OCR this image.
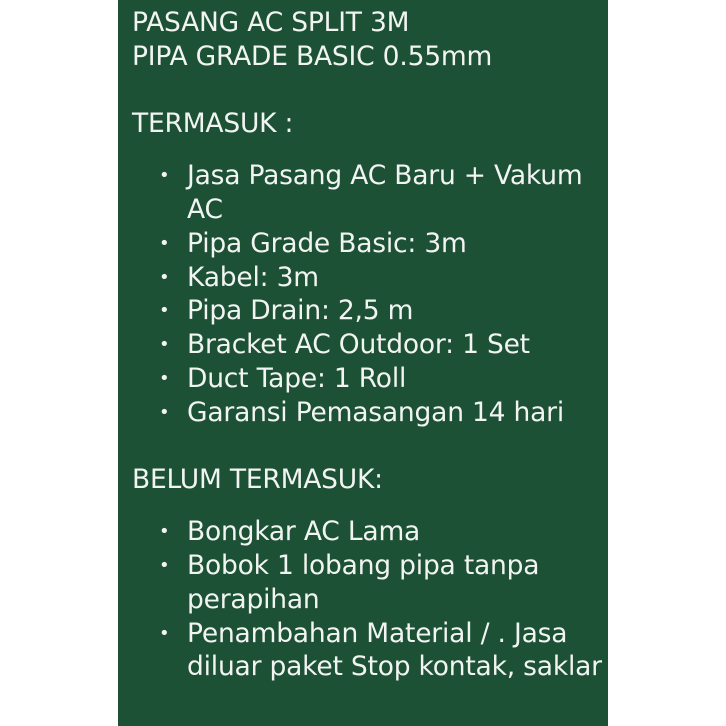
PASANG AC SPLIT 3M
PIPA GRADE BASIC 0.55mm
TERMASUK :
• Jasa Pasang AC Baru + Vakum
AC
• Pipa Grade Basic: 3m
• Kabel: 3m
• Pipa Drain: 2,5 m
• Bracket AC Outdoor: 1 Set
• Duct Tape: 1 Roll
• Garansi Pemasangan 14 hari
BELUM TERMASUK:
• Bongkar AC Lama
• Bobok 1 lobang pipa tanpa
perapihan
• Penambahan Material / . Jasa
diluar paket Stop kontak, saklar
